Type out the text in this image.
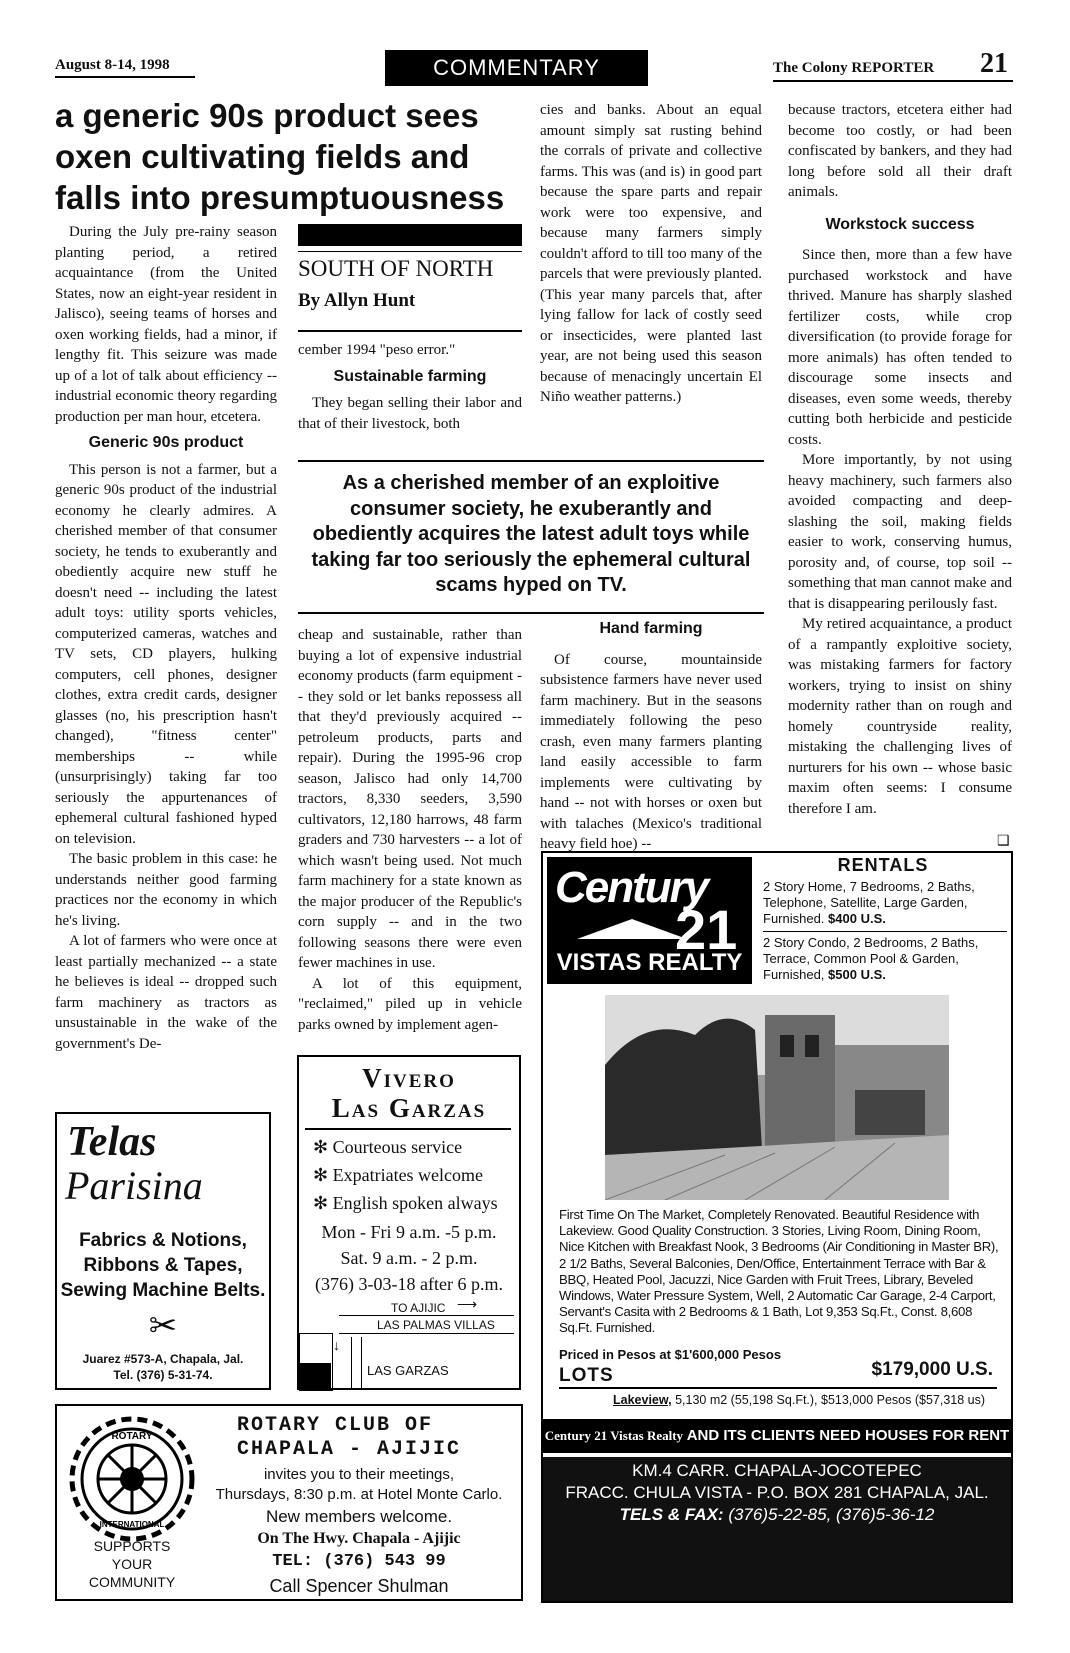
August 8-14, 1998	COMMENTARY	The Colony REPORTER 21
a generic 90s product sees oxen cultivating fields and falls into presumptuousness

During the July pre-rainy season planting period, a retired acquaintance (from the United States, now an eight-year resident in Jalisco), seeing teams of horses and oxen working fields, had a minor, if lengthy fit. This seizure was made up of a lot of talk about efficiency -- industrial economic theory regarding production per man hour, etcetera.

Generic 90s product

This person is not a farmer, but a generic 90s product of the industrial economy he clearly admires. A cherished member of that consumer society, he tends to exuberantly and obediently acquire new stuff he doesn't need -- including the latest adult toys: utility sports vehicles, computerized cameras, watches and TV sets, CD players, hulking computers, cell phones, designer clothes, extra credit cards, designer glasses (no, his prescription hasn't changed), "fitness center" memberships -- while (unsurprisingly) taking far too seriously the appurtenances of ephemeral cultural fashioned hyped on television.

The basic problem in this case: he understands neither good farming practices nor the economy in which he's living.

A lot of farmers who were once at least partially mechanized -- a state he believes is ideal -- dropped such farm machinery as tractors as unsustainable in the wake of the government's De-

SOUTH OF NORTH
By Allyn Hunt

cember 1994 "peso error."

Sustainable farming

They began selling their labor and that of their livestock, both

cies and banks. About an equal amount simply sat rusting behind the corrals of private and collective farms. This was (and is) in good part because the spare parts and repair work were too expensive, and because many farmers simply couldn't afford to till too many of the parcels that were previously planted. (This year many parcels that, after lying fallow for lack of costly seed or insecticides, were planted last year, are not being used this season because of menacingly uncertain El Niño weather patterns.)

because tractors, etcetera either had become too costly, or had been confiscated by bankers, and they had long before sold all their draft animals.

Workstock success

Since then, more than a few have purchased workstock and have thrived. Manure has sharply slashed fertilizer costs, while crop diversification (to provide forage for more animals) has often tended to discourage some insects and diseases, even some weeds, thereby cutting both herbicide and pesticide costs.

More importantly, by not using heavy machinery, such farmers also avoided compacting and deep-slashing the soil, making fields easier to work, conserving humus, porosity and, of course, top soil -- something that man cannot make and that is disappearing perilously fast.

My retired acquaintance, a product of a rampantly exploitive society, was mistaking farmers for factory workers, trying to insist on shiny modernity rather than on rough and homely countryside reality, mistaking the challenging lives of nurturers for his own -- whose basic maxim often seems: I consume therefore I am.

❑
As a cherished member of an exploitive consumer society, he exuberantly and obediently acquires the latest adult toys while taking far too seriously the ephemeral cultural scams hyped on TV.

cheap and sustainable, rather than buying a lot of expensive industrial economy products (farm equipment -- they sold or let banks repossess all that they'd previously acquired -- petroleum products, parts and repair). During the 1995-96 crop season, Jalisco had only 14,700 tractors, 8,330 seeders, 3,590 cultivators, 12,180 harrows, 48 farm graders and 730 harvesters -- a lot of which wasn't being used. Not much farm machinery for a state known as the major producer of the Republic's corn supply -- and in the two following seasons there were even fewer machines in use.

A lot of this equipment, "reclaimed," piled up in vehicle parks owned by implement agen-

Hand farming

Of course, mountainside subsistence farmers have never used farm machinery. But in the seasons immediately following the peso crash, even many farmers planting land easily accessible to farm implements were cultivating by hand -- not with horses or oxen but with talaches (Mexico's traditional heavy field hoe) --

Telas
Parisina
Fabrics & Notions,
Ribbons & Tapes,
Sewing Machine Belts.
✂
Juarez #573-A, Chapala, Jal.
Tel. (376) 5-31-74.
Vivero
Las Garzas
✻ Courteous service
✻ Expatriates welcome
✻ English spoken always
Mon - Fri 9 a.m. -5 p.m.
Sat. 9 a.m. - 2 p.m.
(376) 3-03-18 after 6 p.m.
TO AJIJIC ⟶
LAS PALMAS VILLAS
↓
LAS GARZAS
ROTARY
INTERNATIONAL
SUPPORTS
YOUR
COMMUNITY
ROTARY CLUB OF
CHAPALA - AJIJIC
invites you to their meetings,
Thursdays, 8:30 p.m. at Hotel Monte Carlo.
New members welcome.
On The Hwy. Chapala - Ajijic
TEL: (376) 543 99
Call Spencer Shulman
Century
21
VISTAS REALTY
RENTALS
2 Story Home, 7 Bedrooms, 2 Baths, Telephone, Satellite, Large Garden, Furnished. $400 U.S.
2 Story Condo, 2 Bedrooms, 2 Baths, Terrace, Common Pool & Garden, Furnished, $500 U.S.
First Time On The Market, Completely Renovated. Beautiful Residence with Lakeview. Good Quality Construction. 3 Stories, Living Room, Dining Room, Nice Kitchen with Breakfast Nook, 3 Bedrooms (Air Conditioning in Master BR), 2 1/2 Baths, Several Balconies, Den/Office, Entertainment Terrace with Bar & BBQ, Heated Pool, Jacuzzi, Nice Garden with Fruit Trees, Library, Beveled Windows, Water Pressure System, Well, 2 Automatic Car Garage, 2-4 Carport, Servant's Casita with 2 Bedrooms & 1 Bath, Lot 9,353 Sq.Ft., Const. 8,608 Sq.Ft. Furnished.
Priced in Pesos at $1'600,000 Pesos
$179,000 U.S.
LOTS
Lakeview, 5,130 m2 (55,198 Sq.Ft.), $513,000 Pesos ($57,318 us)
Century 21 Vistas Realty AND ITS CLIENTS NEED HOUSES FOR RENT
KM.4 CARR. CHAPALA-JOCOTEPEC
FRACC. CHULA VISTA - P.O. BOX 281 CHAPALA, JAL.
TELS & FAX: (376)5-22-85, (376)5-36-12
